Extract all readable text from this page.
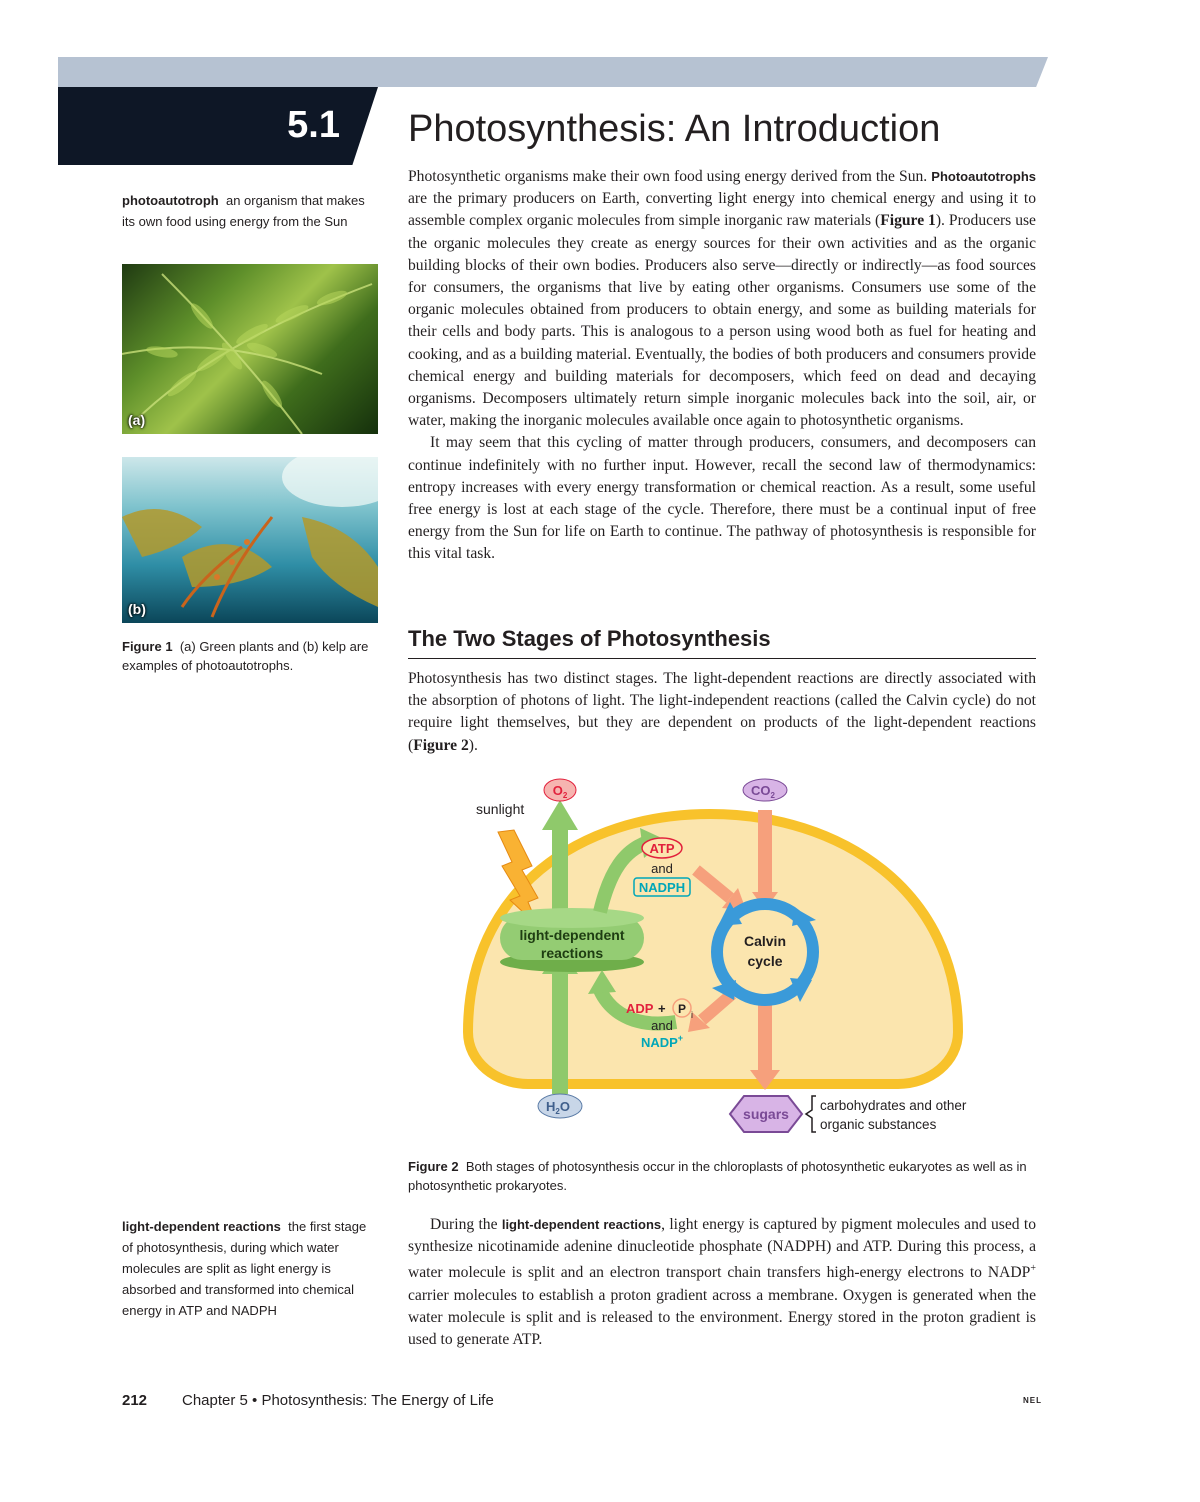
5.1 Photosynthesis: An Introduction

photoautotroph an organism that makes its own food using energy from the Sun

(a)
(b)
Figure 1 (a) Green plants and (b) kelp are examples of photoautotrophs.

Photosynthetic organisms make their own food using energy derived from the Sun. Photoautotrophs are the primary producers on Earth, converting light energy into chemical energy and using it to assemble complex organic molecules from simple inorganic raw materials (Figure 1). Producers use the organic molecules they create as energy sources for their own activities and as the organic building blocks of their own bodies. Producers also serve—directly or indirectly—as food sources for consumers, the organisms that live by eating other organisms. Consumers use some of the organic molecules obtained from producers to obtain energy, and some as building materials for their cells and body parts. This is analogous to a person using wood both as fuel for heating and cooking, and as a building material. Eventually, the bodies of both producers and consumers provide chemical energy and building materials for decomposers, which feed on dead and decaying organisms. Decomposers ultimately return simple inorganic molecules back into the soil, air, or water, making the inorganic molecules available once again to photosynthetic organisms.

It may seem that this cycling of matter through producers, consumers, and decomposers can continue indefinitely with no further input. However, recall the second law of thermodynamics: entropy increases with every energy transformation or chemical reaction. As a result, some useful free energy is lost at each stage of the cycle. Therefore, there must be a continual input of free energy from the Sun for life on Earth to continue. The pathway of photosynthesis is responsible for this vital task.

The Two Stages of Photosynthesis

Photosynthesis has two distinct stages. The light-dependent reactions are directly associated with the absorption of photons of light. The light-independent reactions (called the Calvin cycle) do not require light themselves, but they are dependent on products of the light-dependent reactions (Figure 2).

sunlight
light-dependent
reactions
ATP
and
NADPH
Calvin
cycle
ADP + P i
and
NADP+
$O_2$	$CO_2$
$H_2O$	sugars
carbohydrates and other
organic substances
Figure 2 Both stages of photosynthesis occur in the chloroplasts of photosynthetic eukaryotes as well as in photosynthetic prokaryotes.

light-dependent reactions the first stage of photosynthesis, during which water molecules are split as light energy is absorbed and transformed into chemical energy in ATP and NADPH

During the light-dependent reactions, light energy is captured by pigment molecules and used to synthesize nicotinamide adenine dinucleotide phosphate (NADPH) and ATP. During this process, a water molecule is split and an electron transport chain transfers high-energy electrons to NADP+ carrier molecules to establish a proton gradient across a membrane. Oxygen is generated when the water molecule is split and is released to the environment. Energy stored in the proton gradient is used to generate ATP.

212 Chapter 5 • Photosynthesis: The Energy of Life	NEL
